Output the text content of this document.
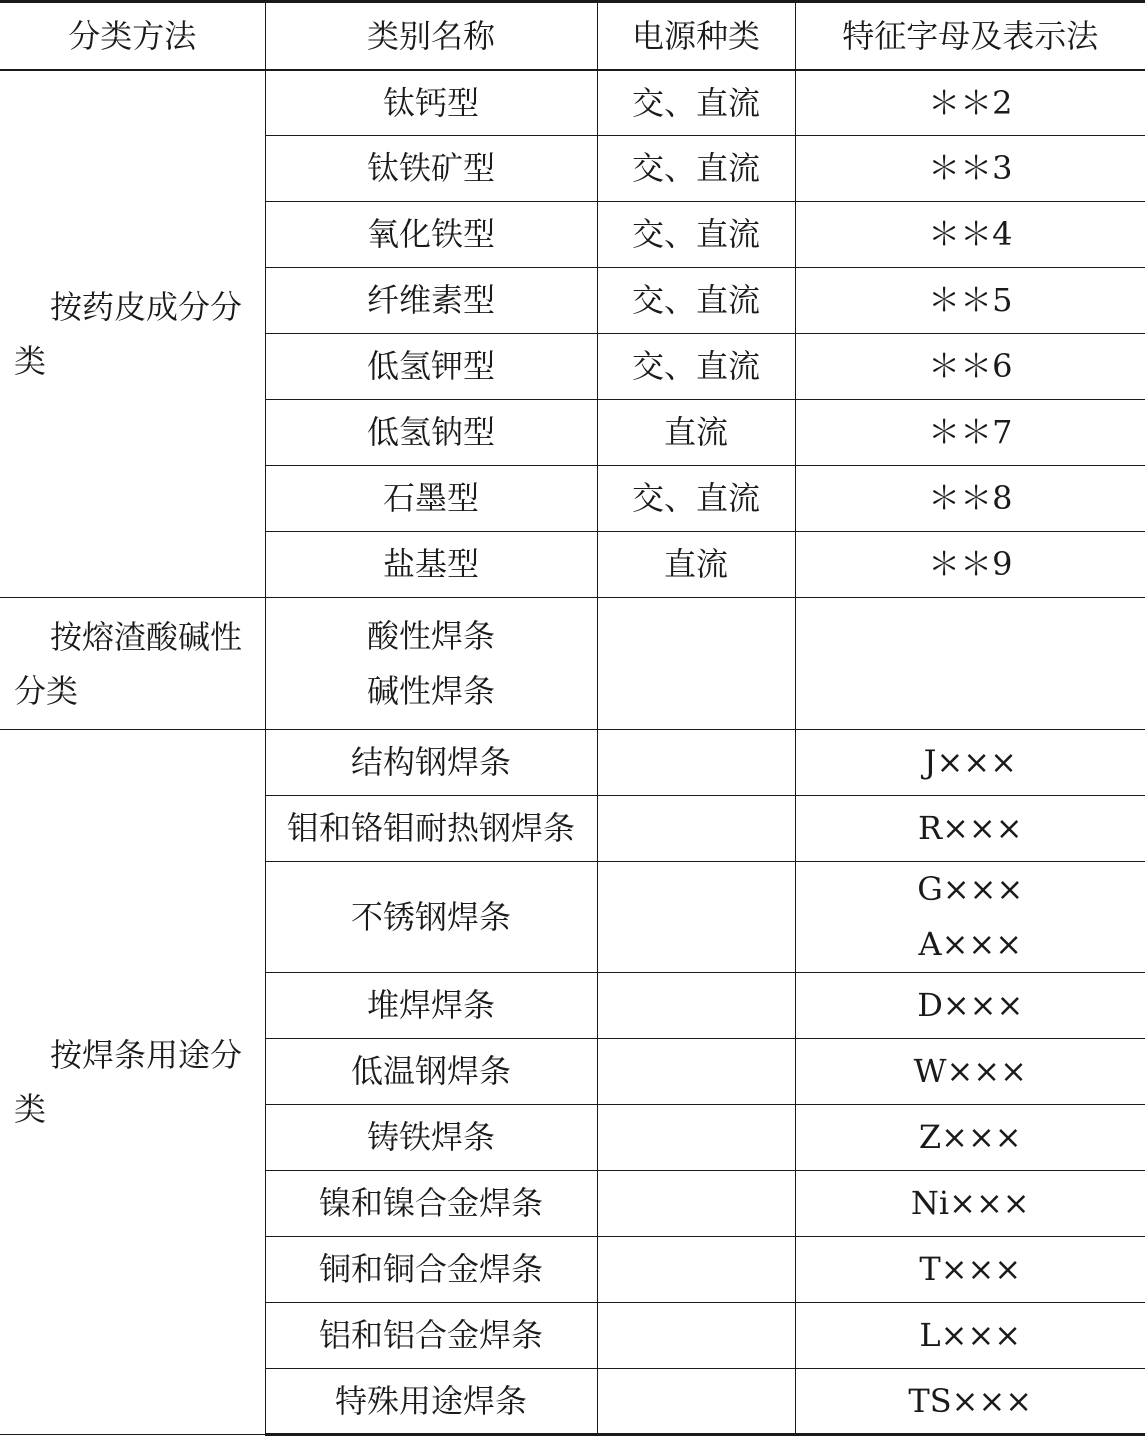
分类方法	类别名称	电源种类	特征字母及表示法

按药皮成分分类	钛钙型	交、直流	＊＊2
	钛铁矿型	交、直流	＊＊3
	氧化铁型	交、直流	＊＊4
	纤维素型	交、直流	＊＊5
	低氢钾型	交、直流	＊＊6
	低氢钠型	直流	＊＊7
	石墨型	交、直流	＊＊8
	盐基型	直流	＊＊9

按熔渣酸碱性分类	酸性焊条
碱性焊条		

按焊条用途分类	结构钢焊条		J×××
	钼和铬钼耐热钢焊条		R×××
	不锈钢焊条		G×××
A×××

	堆焊焊条		D×××
	低温钢焊条		W×××
	铸铁焊条		Z×××
	镍和镍合金焊条		Ni×××
	铜和铜合金焊条		T×××
	铝和铝合金焊条		L×××
	特殊用途焊条		TS×××
